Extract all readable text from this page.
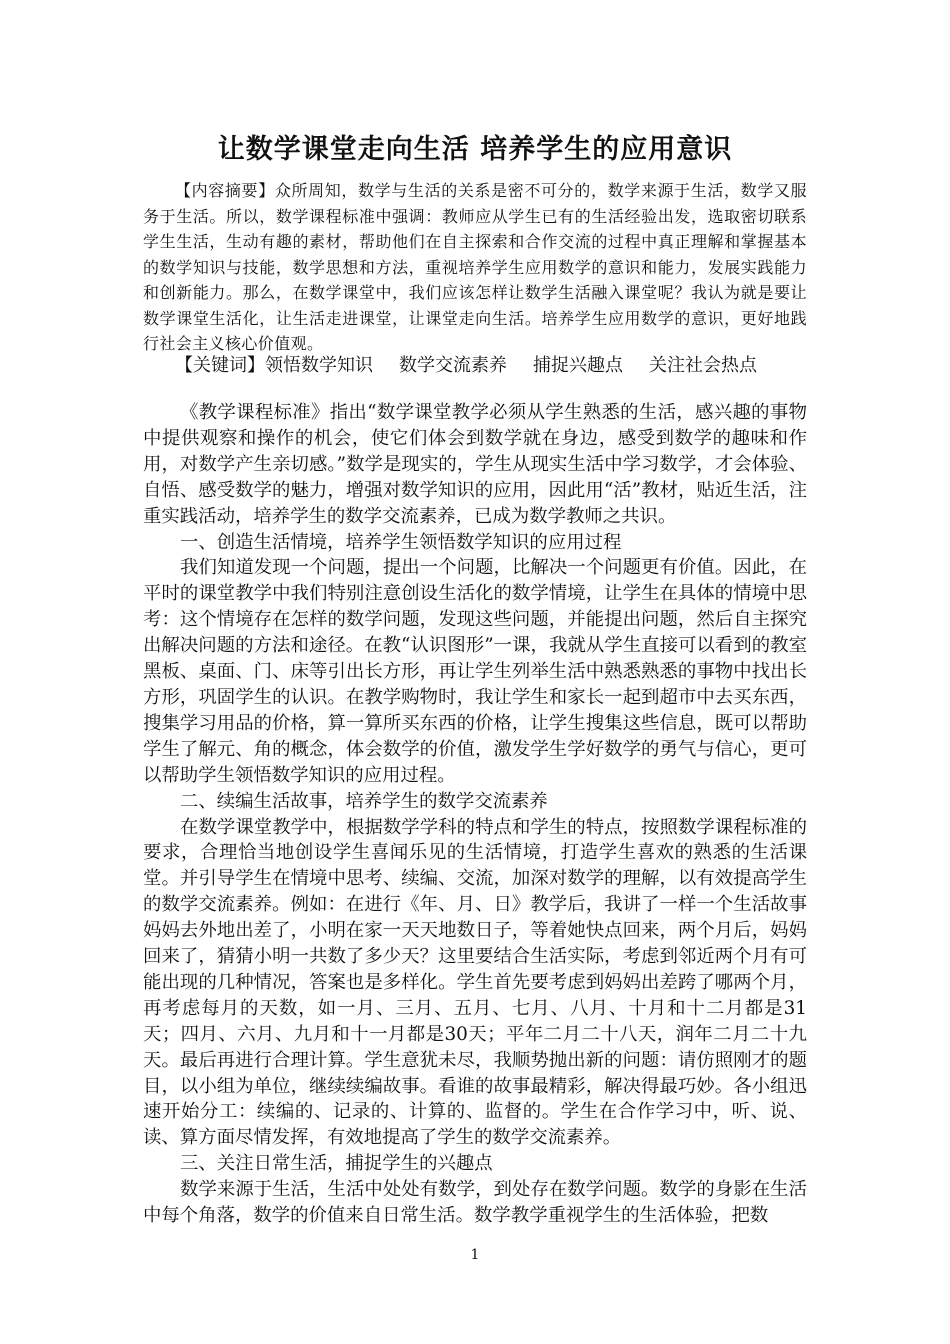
让数学课堂走向生活 培养学生的应用意识
【内容摘要】众所周知，数学与生活的关系是密不可分的，数学来源于生活，数学又服务于生活。所以，数学课程标准中强调：教师应从学生已有的生活经验出发，选取密切联系学生生活，生动有趣的素材，帮助他们在自主探索和合作交流的过程中真正理解和掌握基本的数学知识与技能，数学思想和方法，重视培养学生应用数学的意识和能力，发展实践能力和创新能力。那么，在数学课堂中，我们应该怎样让数学生活融入课堂呢？我认为就是要让数学课堂生活化，让生活走进课堂，让课堂走向生活。培养学生应用数学的意识，更好地践行社会主义核心价值观。
【关键词】领悟数学知识 数学交流素养 捕捉兴趣点 关注社会热点

《教学课程标准》指出“数学课堂教学必须从学生熟悉的生活，感兴趣的事物中提供观察和操作的机会，使它们体会到数学就在身边，感受到数学的趣味和作用，对数学产生亲切感。”数学是现实的，学生从现实生活中学习数学，才会体验、自悟、感受数学的魅力，增强对数学知识的应用，因此用“活”教材，贴近生活，注重实践活动，培养学生的数学交流素养，已成为数学教师之共识。

一、创造生活情境，培养学生领悟数学知识的应用过程

我们知道发现一个问题，提出一个问题，比解决一个问题更有价值。因此，在平时的课堂教学中我们特别注意创设生活化的数学情境，让学生在具体的情境中思考：这个情境存在怎样的数学问题，发现这些问题，并能提出问题，然后自主探究出解决问题的方法和途径。在教“认识图形”一课，我就从学生直接可以看到的教室黑板、桌面、门、床等引出长方形，再让学生列举生活中熟悉熟悉的事物中找出长方形，巩固学生的认识。在教学购物时，我让学生和家长一起到超市中去买东西，搜集学习用品的价格，算一算所买东西的价格，让学生搜集这些信息，既可以帮助学生了解元、角的概念，体会数学的价值，激发学生学好数学的勇气与信心，更可以帮助学生领悟数学知识的应用过程。

二、续编生活故事，培养学生的数学交流素养

在数学课堂教学中，根据数学学科的特点和学生的特点，按照数学课程标准的要求，合理恰当地创设学生喜闻乐见的生活情境，打造学生喜欢的熟悉的生活课堂。并引导学生在情境中思考、续编、交流，加深对数学的理解，以有效提高学生的数学交流素养。例如：在进行《年、月、日》教学后，我讲了一样一个生活故事妈妈去外地出差了，小明在家一天天地数日子，等着她快点回来，两个月后，妈妈回来了，猜猜小明一共数了多少天？这里要结合生活实际，考虑到邻近两个月有可能出现的几种情况，答案也是多样化。学生首先要考虑到妈妈出差跨了哪两个月，再考虑每月的天数，如一月、三月、五月、七月、八月、十月和十二月都是31天；四月、六月、九月和十一月都是30天；平年二月二十八天，润年二月二十九天。最后再进行合理计算。学生意犹未尽，我顺势抛出新的问题：请仿照刚才的题目，以小组为单位，继续续编故事。看谁的故事最精彩，解决得最巧妙。各小组迅速开始分工：续编的、记录的、计算的、监督的。学生在合作学习中，听、说、读、算方面尽情发挥，有效地提高了学生的数学交流素养。

三、关注日常生活，捕捉学生的兴趣点

数学来源于生活，生活中处处有数学，到处存在数学问题。数学的身影在生活中每个角落，数学的价值来自日常生活。数学教学重视学生的生活体验，把数

1
